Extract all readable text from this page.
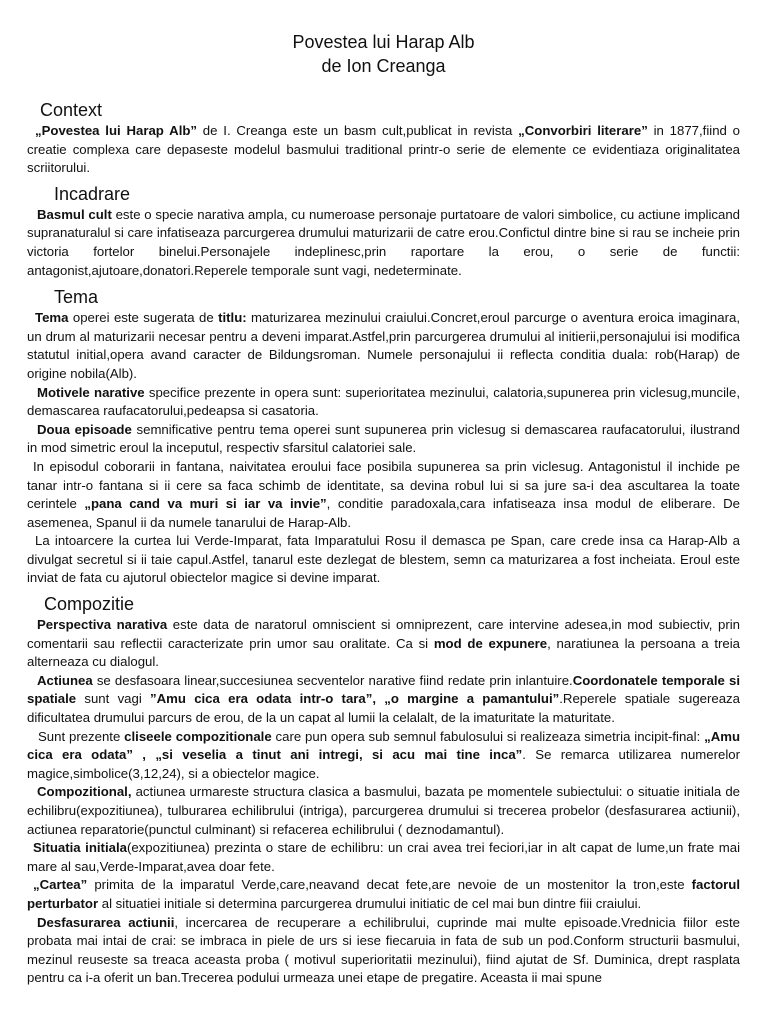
Povestea lui Harap Alb

de Ion Creanga

Context

„Povestea lui Harap Alb” de I. Creanga este un basm cult,publicat in revista „Convorbiri literare” in 1877,fiind o creatie complexa care depaseste modelul basmului traditional printr-o serie de elemente ce evidentiaza originalitatea scriitorului.

Incadrare

Basmul cult este o specie narativa ampla, cu numeroase personaje purtatoare de valori simbolice, cu actiune implicand supranaturalul si care infatiseaza parcurgerea drumului maturizarii de catre erou.Confictul dintre bine si rau se incheie prin victoria fortelor binelui.Personajele indeplinesc,prin raportare la erou, o serie de functii: antagonist,ajutoare,donatori.Reperele temporale sunt vagi, nedeterminate.

Tema

Tema operei este sugerata de titlu: maturizarea mezinului craiului.Concret,eroul parcurge o aventura eroica imaginara, un drum al maturizarii necesar pentru a deveni imparat.Astfel,prin parcurgerea drumului al initierii,personajului isi modifica statutul initial,opera avand caracter de Bildungsroman. Numele personajului ii reflecta conditia duala: rob(Harap) de origine nobila(Alb).

Motivele narative specifice prezente in opera sunt: superioritatea mezinului, calatoria,supunerea prin viclesug,muncile, demascarea raufacatorului,pedeapsa si casatoria.

Doua episoade semnificative pentru tema operei sunt supunerea prin viclesug si demascarea raufacatorului, ilustrand in mod simetric eroul la inceputul, respectiv sfarsitul calatoriei sale.

In episodul coborarii in fantana, naivitatea eroului face posibila supunerea sa prin viclesug. Antagonistul il inchide pe tanar intr-o fantana si ii cere sa faca schimb de identitate, sa devina robul lui si sa jure sa-i dea ascultarea la toate cerintele „pana cand va muri si iar va invie”, conditie paradoxala,cara infatiseaza insa modul de eliberare. De asemenea, Spanul ii da numele tanarului de Harap-Alb.

La intoarcere la curtea lui Verde-Imparat, fata Imparatului Rosu il demasca pe Span, care crede insa ca Harap-Alb a divulgat secretul si ii taie capul.Astfel, tanarul este dezlegat de blestem, semn ca maturizarea a fost incheiata. Eroul este inviat de fata cu ajutorul obiectelor magice si devine imparat.

Compozitie

Perspectiva narativa este data de naratorul omniscient si omniprezent, care intervine adesea,in mod subiectiv, prin comentarii sau reflectii caracterizate prin umor sau oralitate. Ca si mod de expunere, naratiunea la persoana a treia alterneaza cu dialogul.

Actiunea se desfasoara linear,succesiunea secventelor narative fiind redate prin inlantuire.Coordonatele temporale si spatiale sunt vagi ”Amu cica era odata intr-o tara”, „o margine a pamantului”.Reperele spatiale sugereaza dificultatea drumului parcurs de erou, de la un capat al lumii la celalalt, de la imaturitate la maturitate.

Sunt prezente cliseele compozitionale care pun opera sub semnul fabulosului si realizeaza simetria incipit-final: „Amu cica era odata” , „si veselia a tinut ani intregi, si acu mai tine inca”. Se remarca utilizarea numerelor magice,simbolice(3,12,24), si a obiectelor magice.

Compozitional, actiunea urmareste structura clasica a basmului, bazata pe momentele subiectului: o situatie initiala de echilibru(expozitiunea), tulburarea echilibrului (intriga), parcurgerea drumului si trecerea probelor (desfasurarea actiunii), actiunea reparatorie(punctul culminant) si refacerea echilibrului ( deznodamantul).

Situatia initiala(expozitiunea) prezinta o stare de echilibru: un crai avea trei feciori,iar in alt capat de lume,un frate mai mare al sau,Verde-Imparat,avea doar fete.

„Cartea” primita de la imparatul Verde,care,neavand decat fete,are nevoie de un mostenitor la tron,este factorul perturbator al situatiei initiale si determina parcurgerea drumului initiatic de cel mai bun dintre fiii craiului.

Desfasurarea actiunii, incercarea de recuperare a echilibrului, cuprinde mai multe episoade.Vrednicia fiilor este probata mai intai de crai: se imbraca in piele de urs si iese fiecaruia in fata de sub un pod.Conform structurii basmului, mezinul reuseste sa treaca aceasta proba ( motivul superioritatii mezinului), fiind ajutat de Sf. Duminica, drept rasplata pentru ca i-a oferit un ban.Trecerea podului urmeaza unei etape de pregatire. Aceasta ii mai spune
